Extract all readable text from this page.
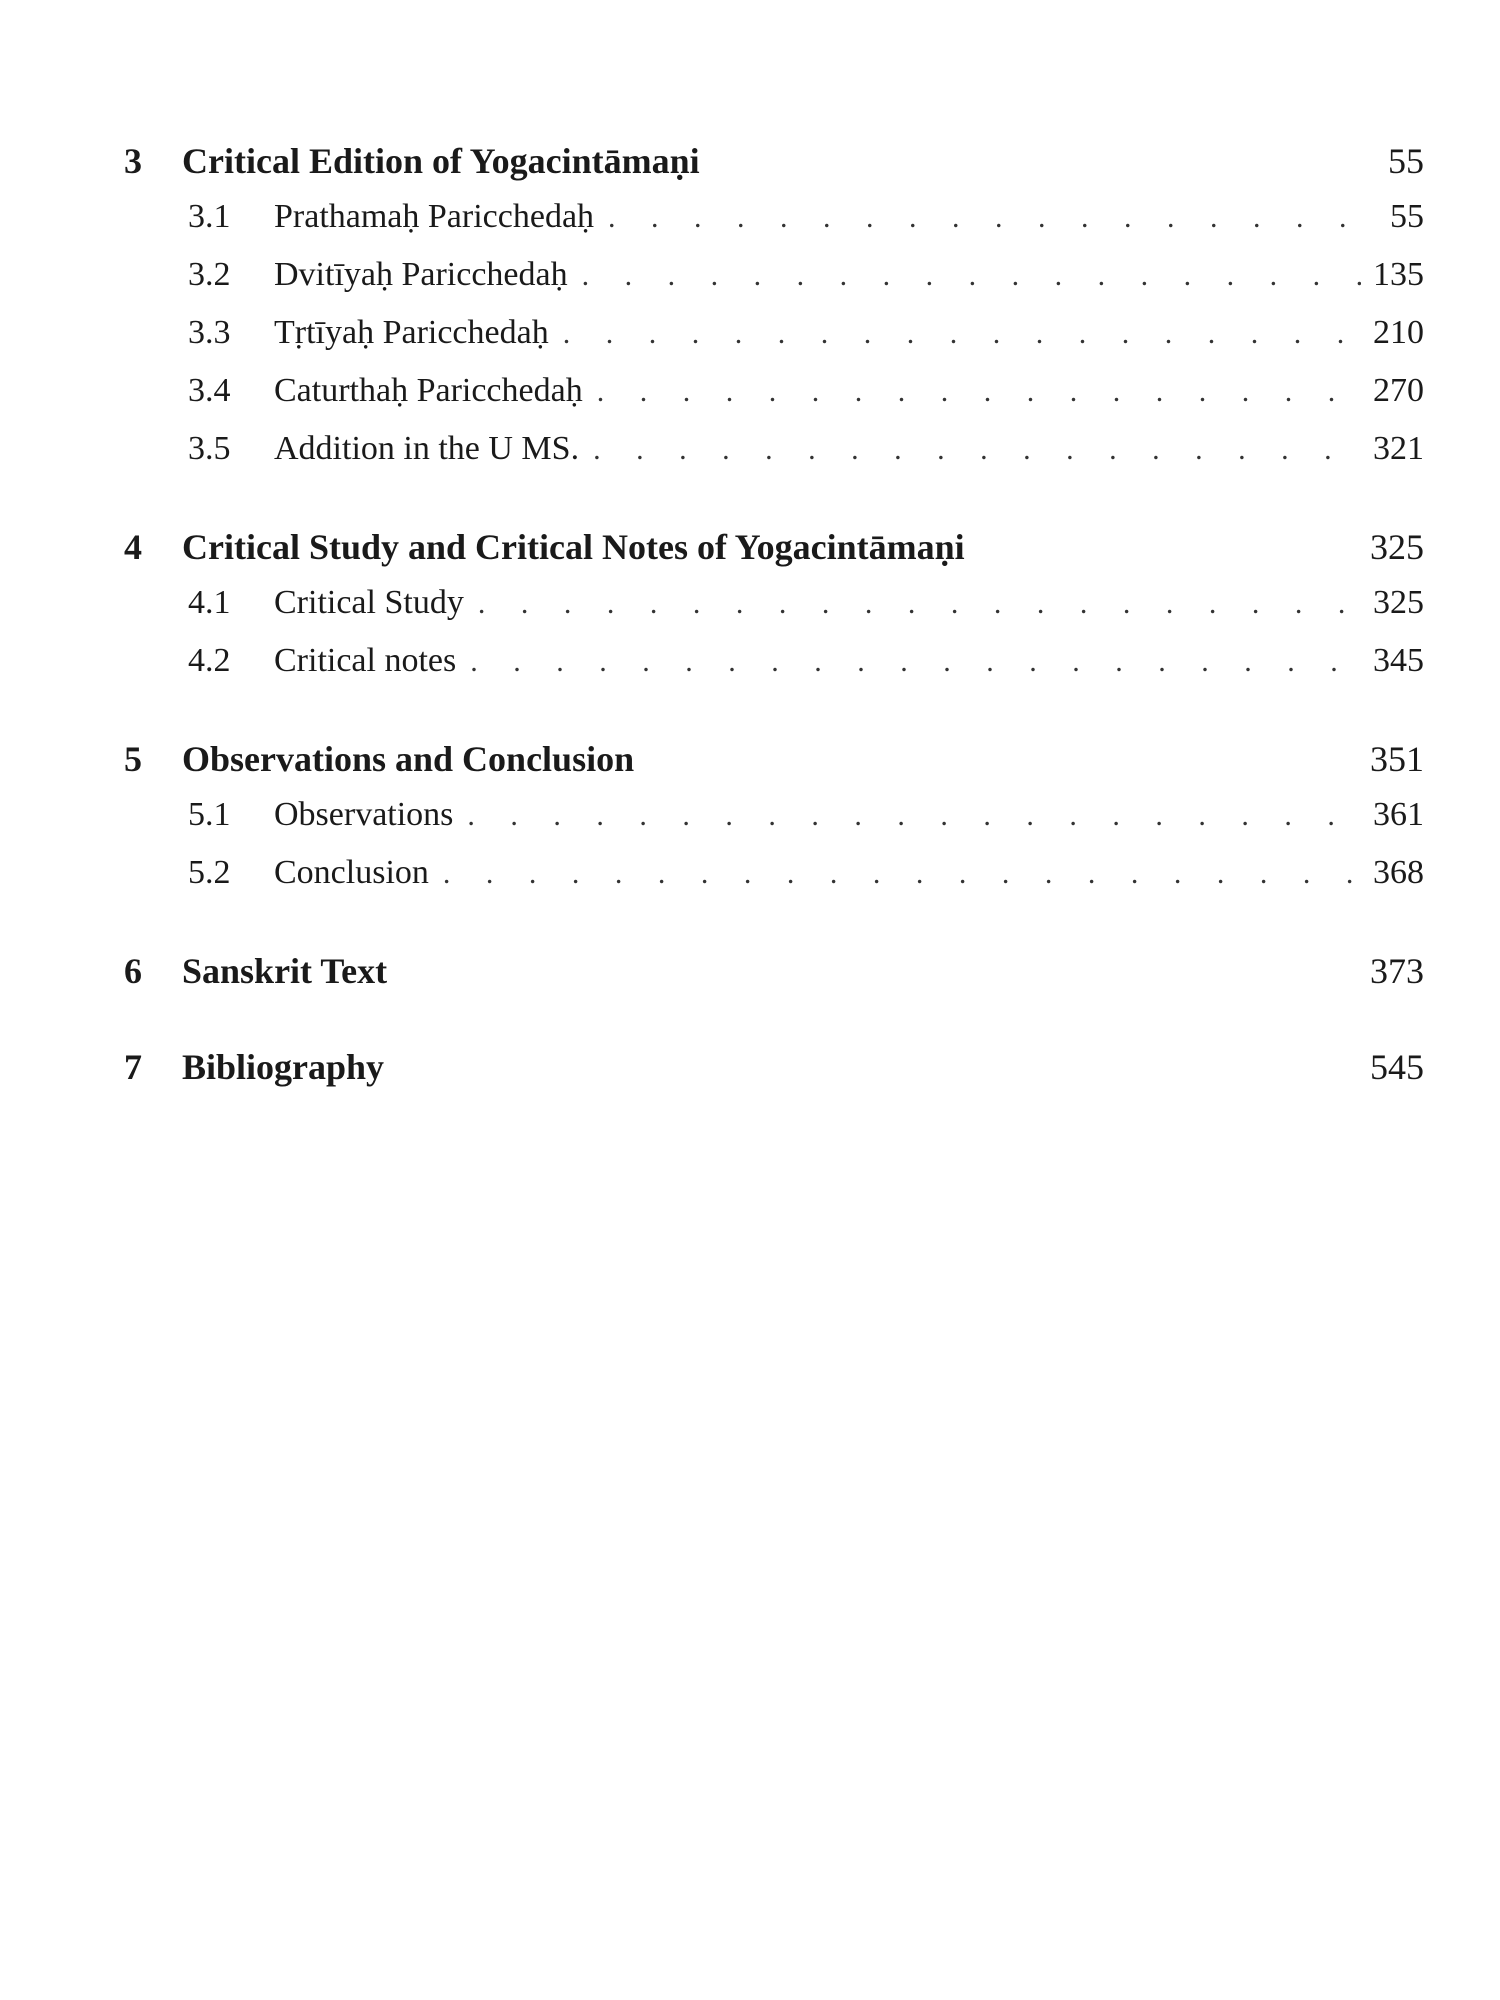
3	Critical Edition of Yogacintāmaṇi	55
3.1	Prathamaḥ Paricchedaḥ . . .	55
3.2	Dvitīyaḥ Paricchedaḥ . . .	135
3.3	Tṛtīyaḥ Paricchedaḥ . . .	210
3.4	Caturthaḥ Paricchedaḥ . . .	270
3.5	Addition in the U MS. . . .	321
4	Critical Study and Critical Notes of Yogacintāmaṇi	325
4.1	Critical Study . . .	325
4.2	Critical notes . . .	345
5	Observations and Conclusion	351
5.1	Observations . . .	361
5.2	Conclusion . . .	368
6	Sanskrit Text	373
7	Bibliography	545
